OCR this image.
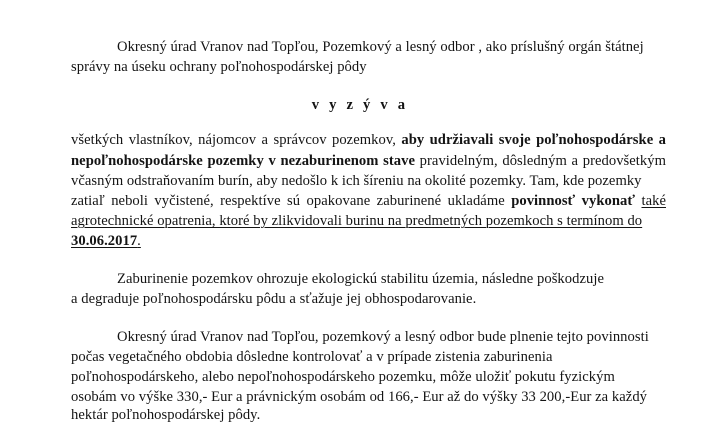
Okresný úrad Vranov nad Topľou, Pozemkový a lesný odbor , ako príslušný orgán štátnej
správy na úseku ochrany poľnohospodárskej pôdy
v y z ý v a
všetkých vlastníkov, nájomcov a správcov pozemkov, aby udržiavali svoje poľnohospodárske a
nepoľnohospodárske pozemky v nezaburinenom stave pravidelným, dôsledným a predovšetkým
včasným odstraňovaním burín, aby nedošlo k ich šíreniu na okolité pozemky. Tam, kde pozemky
zatiaľ neboli vyčistené, respektíve sú opakovane zaburinené ukladáme povinnosť vykonať také
agrotechnické opatrenia, ktoré by zlikvidovali burinu na predmetných pozemkoch s termínom do
30.06.2017.
Zaburinenie pozemkov ohrozuje ekologickú stabilitu územia, následne poškodzuje
a degraduje poľnohospodársku pôdu a sťažuje jej obhospodarovanie.
Okresný úrad Vranov nad Topľou, pozemkový a lesný odbor bude plnenie tejto povinnosti
počas vegetačného obdobia dôsledne kontrolovať a v prípade zistenia zaburinenia
poľnohospodárskeho, alebo nepoľnohospodárskeho pozemku, môže uložiť pokutu fyzickým
osobám vo výške 330,- Eur a právnickým osobám od 166,- Eur až do výšky 33 200,-Eur za každý
hektár poľnohospodárskej pôdy.
